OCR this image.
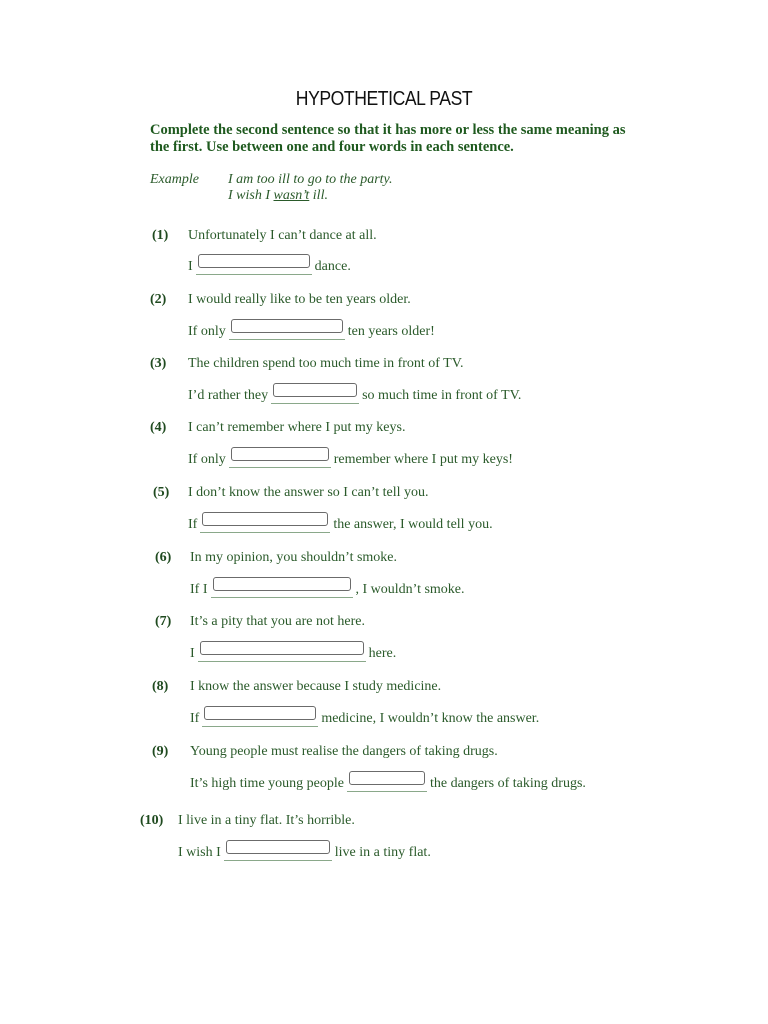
HYPOTHETICAL PAST
Complete the second sentence so that it has more or less the same meaning as the first. Use between one and four words in each sentence.
Example I am too ill to go to the party.
I wish I wasn’t ill.
(1) Unfortunately I can’t dance at all.
I	dance.
(2) I would really like to be ten years older.
If only	ten years older!
(3) The children spend too much time in front of TV.
I’d rather they	so much time in front of TV.
(4) I can’t remember where I put my keys.
If only	remember where I put my keys!
(5) I don’t know the answer so I can’t tell you.
If	the answer, I would tell you.
(6) In my opinion, you shouldn’t smoke.
If I	, I wouldn’t smoke.
(7) It’s a pity that you are not here.
I	here.
(8) I know the answer because I study medicine.
If	medicine, I wouldn’t know the answer.
(9) Young people must realise the dangers of taking drugs.
It’s high time young people	the dangers of taking drugs.
(10) I live in a tiny flat. It’s horrible.
I wish I	live in a tiny flat.
